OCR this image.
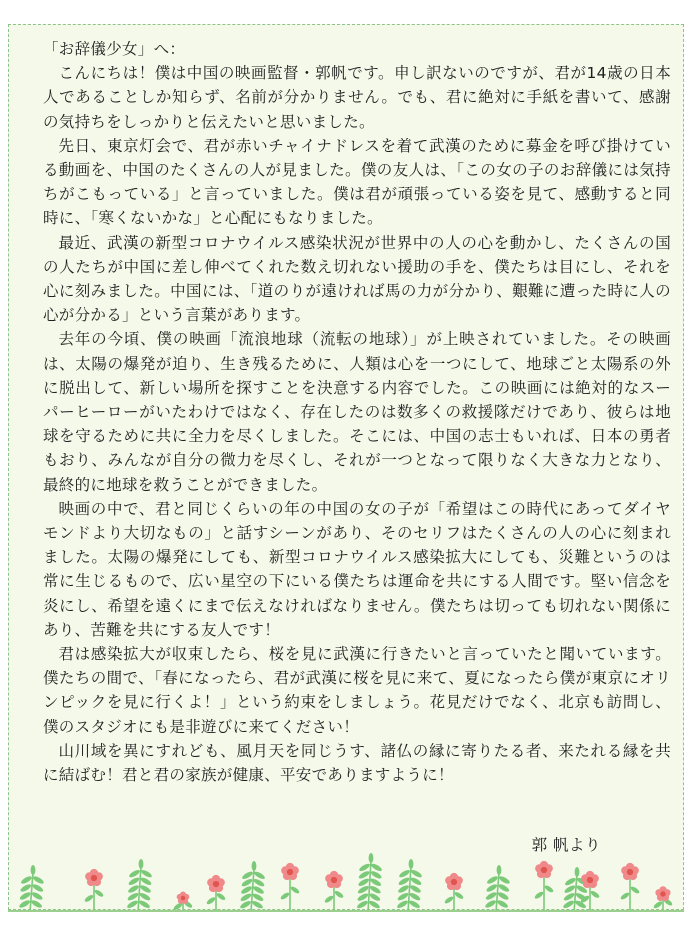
「お辞儀少女」へ：

こんにちは！僕は中国の映画監督・郭帆です。申し訳ないのですが、君が14歳の日本人であることしか知らず、名前が分かりません。でも、君に絶対に手紙を書いて、感謝の気持ちをしっかりと伝えたいと思いました。

先日、東京灯会で、君が赤いチャイナドレスを着て武漢のために募金を呼び掛けている動画を、中国のたくさんの人が見ました。僕の友人は、「この女の子のお辞儀には気持ちがこもっている」と言っていました。僕は君が頑張っている姿を見て、感動すると同時に、「寒くないかな」と心配にもなりました。

最近、武漢の新型コロナウイルス感染状況が世界中の人の心を動かし、たくさんの国の人たちが中国に差し伸べてくれた数え切れない援助の手を、僕たちは目にし、それを心に刻みました。中国には、「道のりが遠ければ馬の力が分かり、艱難に遭った時に人の心が分かる」という言葉があります。

去年の今頃、僕の映画「流浪地球（流転の地球）」が上映されていました。その映画は、太陽の爆発が迫り、生き残るために、人類は心を一つにして、地球ごと太陽系の外に脱出して、新しい場所を探すことを決意する内容でした。この映画には絶対的なスーパーヒーローがいたわけではなく、存在したのは数多くの救援隊だけであり、彼らは地球を守るために共に全力を尽くしました。そこには、中国の志士もいれば、日本の勇者もおり、みんなが自分の微力を尽くし、それが一つとなって限りなく大きな力となり、最終的に地球を救うことができました。

映画の中で、君と同じくらいの年の中国の女の子が「希望はこの時代にあってダイヤモンドより大切なもの」と話すシーンがあり、そのセリフはたくさんの人の心に刻まれました。太陽の爆発にしても、新型コロナウイルス感染拡大にしても、災難というのは常に生じるもので、広い星空の下にいる僕たちは運命を共にする人間です。堅い信念を炎にし、希望を遠くにまで伝えなければなりません。僕たちは切っても切れない関係にあり、苦難を共にする友人です！

君は感染拡大が収束したら、桜を見に武漢に行きたいと言っていたと聞いています。僕たちの間で、「春になったら、君が武漢に桜を見に来て、夏になったら僕が東京にオリンピックを見に行くよ！」という約束をしましょう。花見だけでなく、北京も訪問し、僕のスタジオにも是非遊びに来てください！

山川域を異にすれども、風月天を同じうす、諸仏の縁に寄りたる者、来たれる縁を共に結ばむ！君と君の家族が健康、平安でありますように！

郭 帆より
